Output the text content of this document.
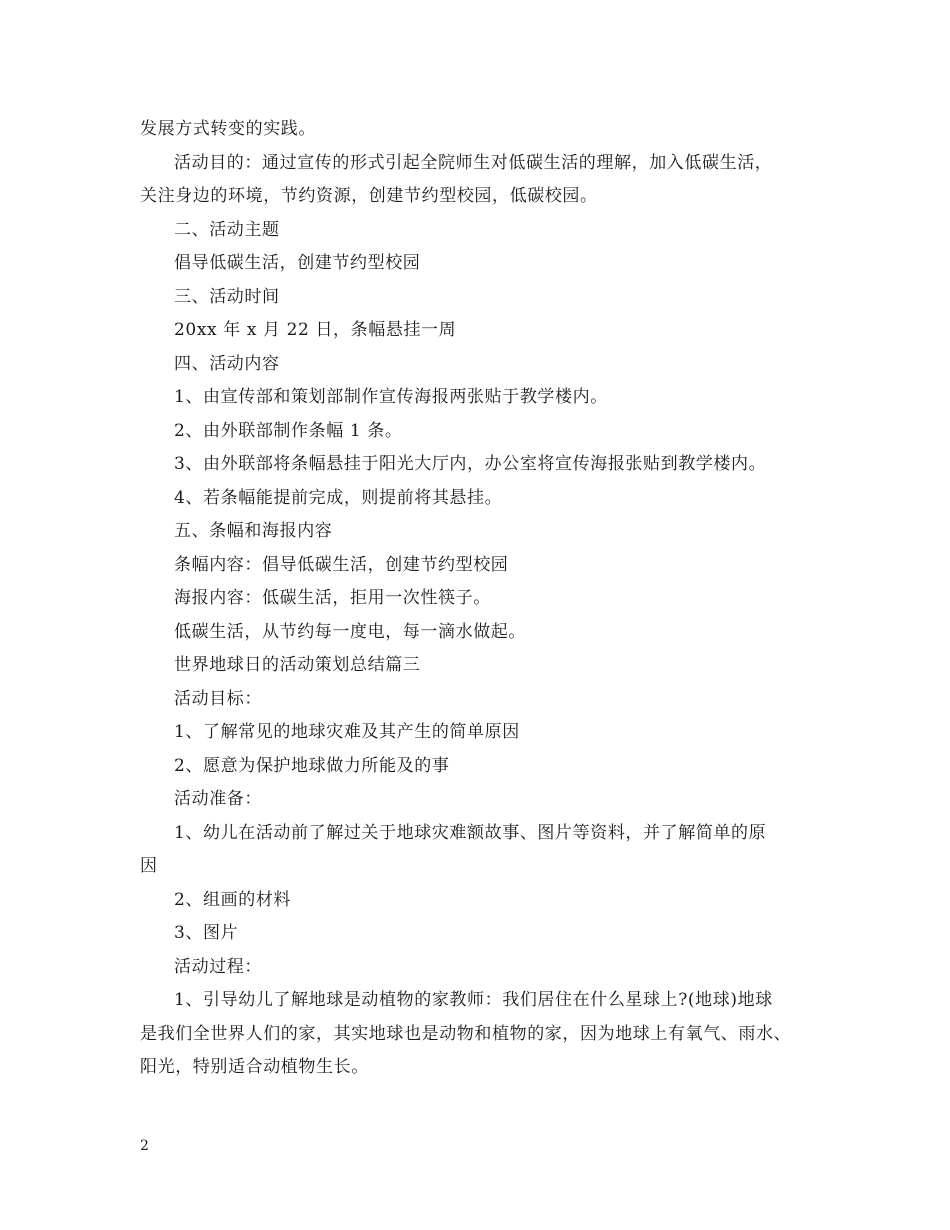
发展方式转变的实践。
活动目的：通过宣传的形式引起全院师生对低碳生活的理解，加入低碳生活，
关注身边的环境，节约资源，创建节约型校园，低碳校园。
二、活动主题
倡导低碳生活，创建节约型校园
三、活动时间
20xx 年 x 月 22 日，条幅悬挂一周
四、活动内容
1、由宣传部和策划部制作宣传海报两张贴于教学楼内。
2、由外联部制作条幅 1 条。
3、由外联部将条幅悬挂于阳光大厅内，办公室将宣传海报张贴到教学楼内。
4、若条幅能提前完成，则提前将其悬挂。
五、条幅和海报内容
条幅内容：倡导低碳生活，创建节约型校园
海报内容：低碳生活，拒用一次性筷子。
低碳生活，从节约每一度电，每一滴水做起。
世界地球日的活动策划总结篇三
活动目标：
1、了解常见的地球灾难及其产生的简单原因
2、愿意为保护地球做力所能及的事
活动准备：
1、幼儿在活动前了解过关于地球灾难额故事、图片等资料，并了解简单的原
因
2、组画的材料
3、图片
活动过程：
1、引导幼儿了解地球是动植物的家教师：我们居住在什么星球上?(地球)地球
是我们全世界人们的家，其实地球也是动物和植物的家，因为地球上有氧气、雨水、
阳光，特别适合动植物生长。
2
